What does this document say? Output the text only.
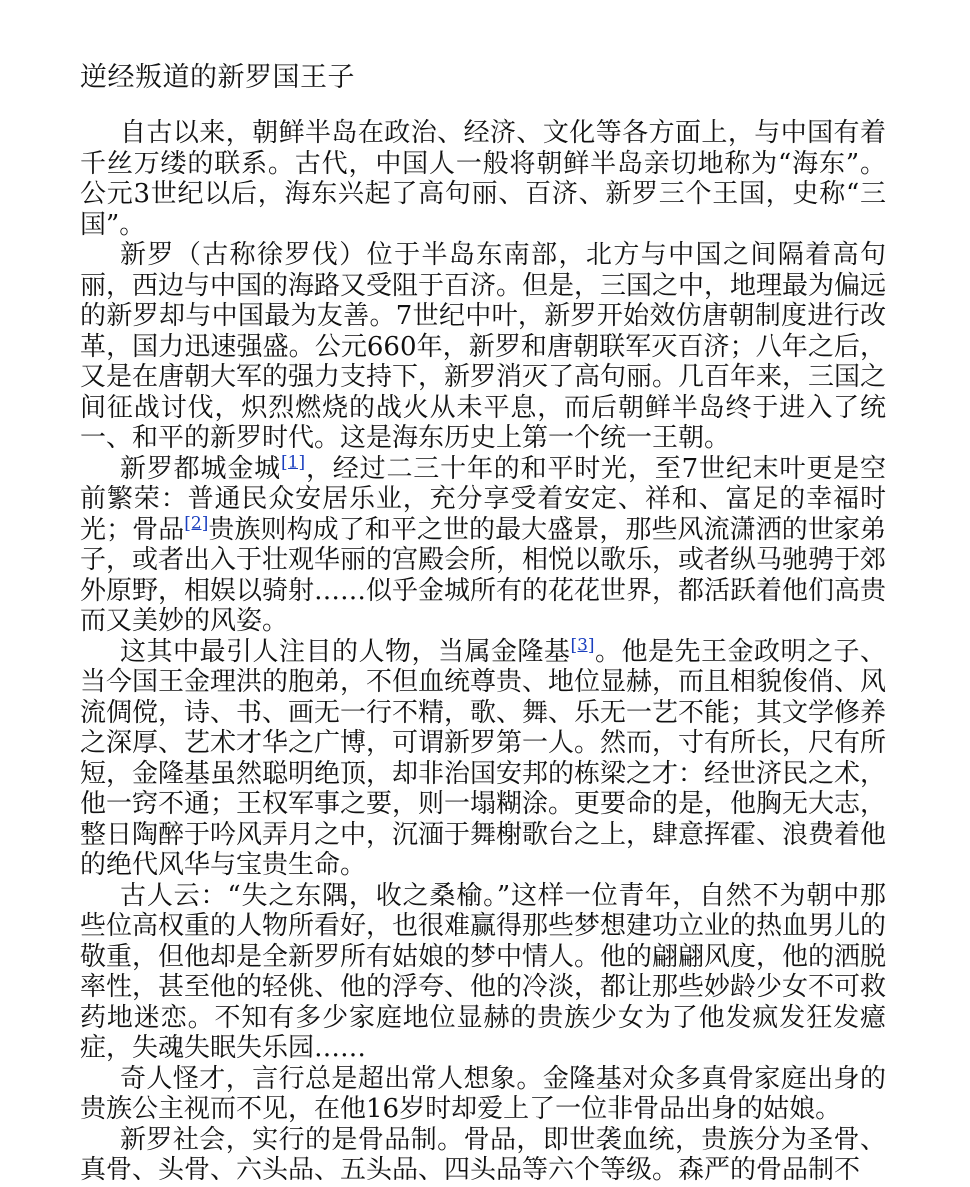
逆经叛道的新罗国王子

自古以来，朝鲜半岛在政治、经济、文化等各方面上，与中国有着千丝万缕的联系。古代，中国人一般将朝鲜半岛亲切地称为“海东”。公元3世纪以后，海东兴起了高句丽、百济、新罗三个王国，史称“三国”。

新罗（古称徐罗伐）位于半岛东南部，北方与中国之间隔着高句丽，西边与中国的海路又受阻于百济。但是，三国之中，地理最为偏远的新罗却与中国最为友善。7世纪中叶，新罗开始效仿唐朝制度进行改革，国力迅速强盛。公元660年，新罗和唐朝联军灭百济；八年之后，又是在唐朝大军的强力支持下，新罗消灭了高句丽。几百年来，三国之间征战讨伐，炽烈燃烧的战火从未平息，而后朝鲜半岛终于进入了统一、和平的新罗时代。这是海东历史上第一个统一王朝。

新罗都城金城[1]，经过二三十年的和平时光，至7世纪末叶更是空前繁荣：普通民众安居乐业，充分享受着安定、祥和、富足的幸福时光；骨品[2]贵族则构成了和平之世的最大盛景，那些风流潇洒的世家弟子，或者出入于壮观华丽的宫殿会所，相悦以歌乐，或者纵马驰骋于郊外原野，相娱以骑射……似乎金城所有的花花世界，都活跃着他们高贵而又美妙的风姿。

这其中最引人注目的人物，当属金隆基[3]。他是先王金政明之子、当今国王金理洪的胞弟，不但血统尊贵、地位显赫，而且相貌俊俏、风流倜傥，诗、书、画无一行不精，歌、舞、乐无一艺不能；其文学修养之深厚、艺术才华之广博，可谓新罗第一人。然而，寸有所长，尺有所短，金隆基虽然聪明绝顶，却非治国安邦的栋梁之才：经世济民之术，他一窍不通；王权军事之要，则一塌糊涂。更要命的是，他胸无大志，整日陶醉于吟风弄月之中，沉湎于舞榭歌台之上，肆意挥霍、浪费着他的绝代风华与宝贵生命。

古人云：“失之东隅，收之桑榆。”这样一位青年，自然不为朝中那些位高权重的人物所看好，也很难赢得那些梦想建功立业的热血男儿的敬重，但他却是全新罗所有姑娘的梦中情人。他的翩翩风度，他的洒脱率性，甚至他的轻佻、他的浮夸、他的冷淡，都让那些妙龄少女不可救药地迷恋。不知有多少家庭地位显赫的贵族少女为了他发疯发狂发癔症，失魂失眠失乐园……

奇人怪才，言行总是超出常人想象。金隆基对众多真骨家庭出身的贵族公主视而不见，在他16岁时却爱上了一位非骨品出身的姑娘。

新罗社会，实行的是骨品制。骨品，即世袭血统，贵族分为圣骨、真骨、头骨、六头品、五头品、四头品等六个等级。森严的骨品制不
